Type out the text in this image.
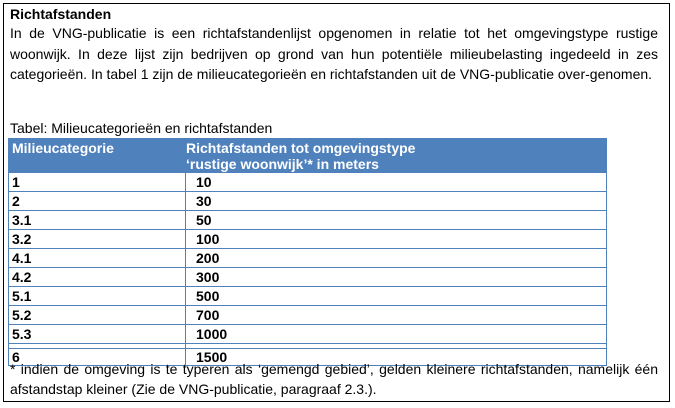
Richtafstanden
In de VNG-publicatie is een richtafstandenlijst opgenomen in relatie tot het omgevingstype rustige woonwijk. In deze lijst zijn bedrijven op grond van hun potentiële milieubelasting ingedeeld in zes categorieën. In tabel 1 zijn de milieucategorieën en richtafstanden uit de VNG-publicatie over-genomen.
Tabel: Milieucategorieën en richtafstanden
Milieucategorie	Richtafstanden tot omgevingstype
‘rustige woonwijk’* in meters

1	10
2	30
3.1	50
3.2	100
4.1	200
4.2	300
5.1	500
5.2	700
5.3	1000

6	1500
* indien de omgeving is te typeren als ‘gemengd gebied’, gelden kleinere richtafstanden, namelijk één afstandstap kleiner (Zie de VNG-publicatie, paragraaf 2.3.).
